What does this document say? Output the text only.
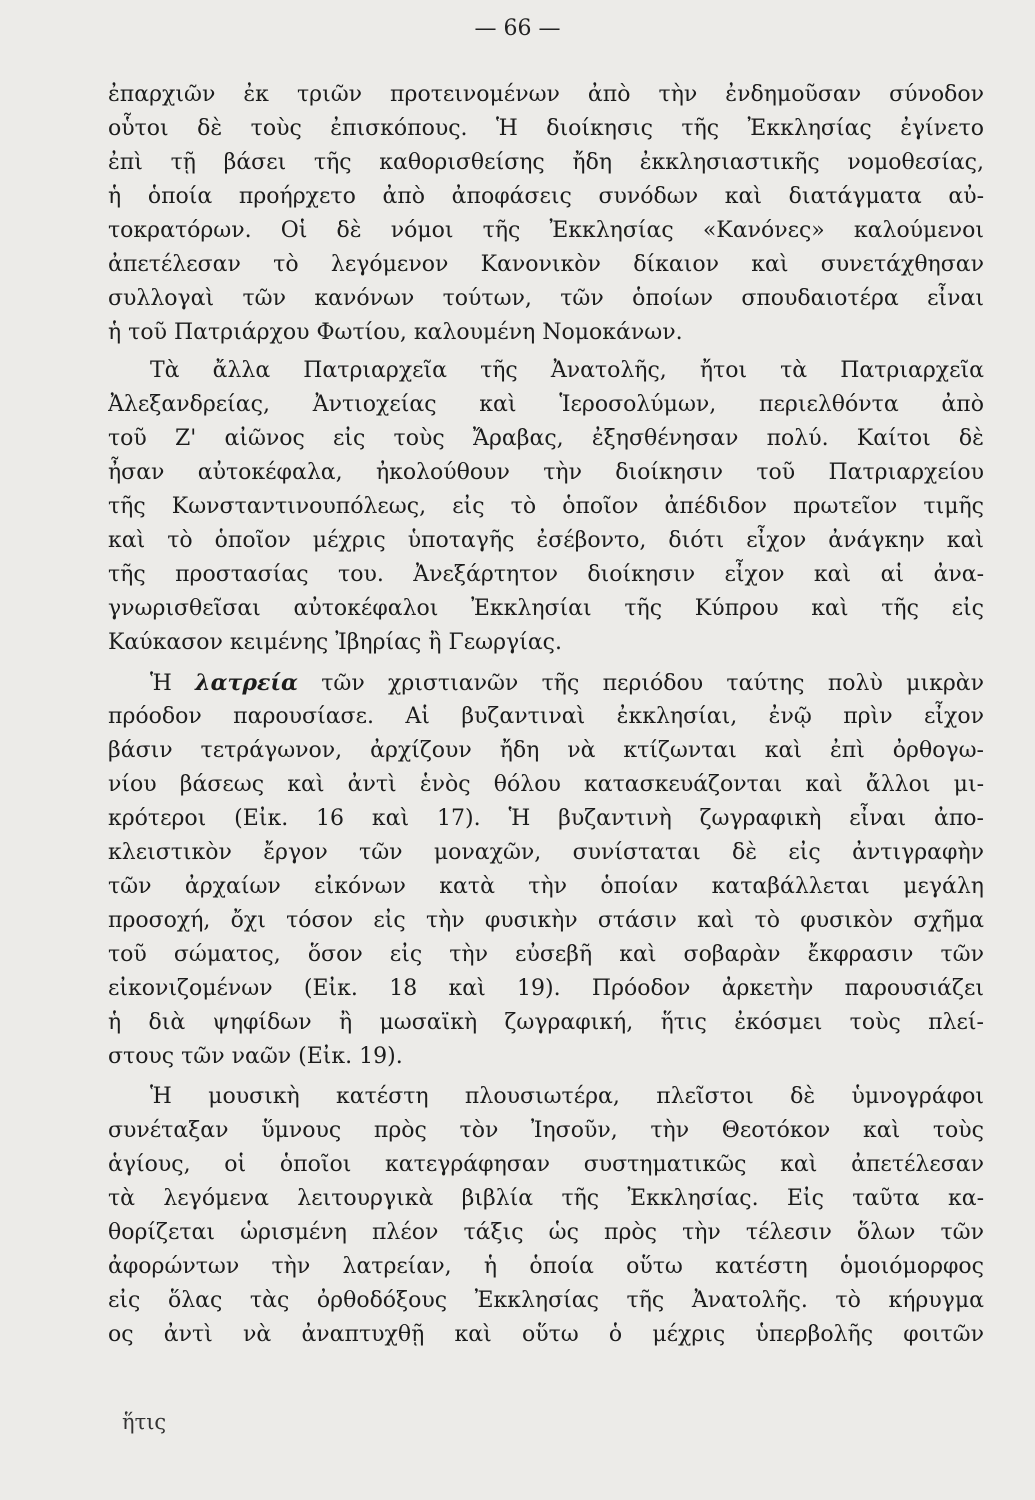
— 66 —
ἐπαρχιῶν ἐκ τριῶν προτεινομένων ἀπὸ τὴν ἐνδημοῦσαν σύνοδον
οὗτοι δὲ τοὺς ἐπισκόπους. Ἡ διοίκησις τῆς Ἐκκλησίας ἐγίνετο
ἐπὶ τῇ βάσει τῆς καθορισθείσης ἤδη ἐκκλησιαστικῆς νομοθεσίας,
ἡ ὁποία προήρχετο ἀπὸ ἀποφάσεις συνόδων καὶ διατάγματα αὐ-
τοκρατόρων. Οἱ δὲ νόμοι τῆς Ἐκκλησίας «Κανόνες» καλούμενοι
ἀπετέλεσαν τὸ λεγόμενον Κανονικὸν δίκαιον καὶ συνετάχθησαν
συλλογαὶ τῶν κανόνων τούτων, τῶν ὁποίων σπουδαιοτέρα εἶναι
ἡ τοῦ Πατριάρχου Φωτίου, καλουμένη Νομοκάνων.
Τὰ ἄλλα Πατριαρχεῖα τῆς Ἀνατολῆς, ἤτοι τὰ Πατριαρχεῖα
Ἀλεξανδρείας, Ἀντιοχείας καὶ Ἱεροσολύμων, περιελθόντα ἀπὸ
τοῦ Ζ' αἰῶνος εἰς τοὺς Ἄραβας, ἐξησθένησαν πολύ. Καίτοι δὲ
ἦσαν αὐτοκέφαλα, ἠκολούθουν τὴν διοίκησιν τοῦ Πατριαρχείου
τῆς Κωνσταντινουπόλεως, εἰς τὸ ὁποῖον ἀπέδιδον πρωτεῖον τιμῆς
καὶ τὸ ὁποῖον μέχρις ὑποταγῆς ἐσέβοντο, διότι εἶχον ἀνάγκην καὶ
τῆς προστασίας του. Ἀνεξάρτητον διοίκησιν εἶχον καὶ αἱ ἀνα-
γνωρισθεῖσαι αὐτοκέφαλοι Ἐκκλησίαι τῆς Κύπρου καὶ τῆς εἰς
Καύκασον κειμένης Ἰβηρίας ἢ Γεωργίας.
Ἡ λατρεία τῶν χριστιανῶν τῆς περιόδου ταύτης πολὺ μικρὰν
πρόοδον παρουσίασε. Αἱ βυζαντιναὶ ἐκκλησίαι, ἐνῷ πρὶν εἶχον
βάσιν τετράγωνον, ἀρχίζουν ἤδη νὰ κτίζωνται καὶ ἐπὶ ὀρθογω-
νίου βάσεως καὶ ἀντὶ ἑνὸς θόλου κατασκευάζονται καὶ ἄλλοι μι-
κρότεροι (Εἰκ. 16 καὶ 17). Ἡ βυζαντινὴ ζωγραφικὴ εἶναι ἀπο-
κλειστικὸν ἔργον τῶν μοναχῶν, συνίσταται δὲ εἰς ἀντιγραφὴν
τῶν ἀρχαίων εἰκόνων κατὰ τὴν ὁποίαν καταβάλλεται μεγάλη
προσοχή, ὄχι τόσον εἰς τὴν φυσικὴν στάσιν καὶ τὸ φυσικὸν σχῆμα
τοῦ σώματος, ὅσον εἰς τὴν εὐσεβῆ καὶ σοβαρὰν ἔκφρασιν τῶν
εἰκονιζομένων (Εἰκ. 18 καὶ 19). Πρόοδον ἀρκετὴν παρουσιάζει
ἡ διὰ ψηφίδων ἢ μωσαϊκὴ ζωγραφική, ἥτις ἐκόσμει τοὺς πλεί-
στους τῶν ναῶν (Εἰκ. 19).
Ἡ μουσικὴ κατέστη πλουσιωτέρα, πλεῖστοι δὲ ὑμνογράφοι
συνέταξαν ὕμνους πρὸς τὸν Ἰησοῦν, τὴν Θεοτόκον καὶ τοὺς
ἁγίους, οἱ ὁποῖοι κατεγράφησαν συστηματικῶς καὶ ἀπετέλεσαν
τὰ λεγόμενα λειτουργικὰ βιβλία τῆς Ἐκκλησίας. Εἰς ταῦτα κα-
θορίζεται ὡρισμένη πλέον τάξις ὡς πρὸς τὴν τέλεσιν ὅλων τῶν
ἀφορώντων τὴν λατρείαν, ἡ ὁποία οὕτω κατέστη ὁμοιόμορφος
εἰς ὅλας τὰς ὀρθοδόξους Ἐκκλησίας τῆς Ἀνατολῆς. τὸ κήρυγμα
ος ἀντὶ νὰ ἀναπτυχθῇ καὶ οὕτω ὁ μέχρις ὑπερβολῆς φοιτῶν
ἥτις
